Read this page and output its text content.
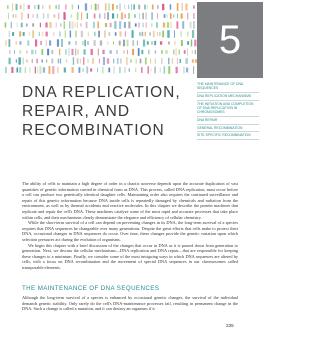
5
DNA REPLICATION,
REPAIR, AND
RECOMBINATION
THE MAINTENANCE OF DNA SEQUENCES
DNA REPLICATION MECHANISMS
THE INITIATION AND COMPLETION OF DNA REPLICATION IN CHROMOSOMES
DNA REPAIR
GENERAL RECOMBINATION
SITE-SPECIFIC RECOMBINATION

The ability of cells to maintain a high degree of order in a chaotic universe depends upon the accurate duplication of vast quantities of genetic information carried in chemical form as DNA. This process, called DNA replication, must occur before a cell can produce two genetically identical daughter cells. Maintaining order also requires the continued surveillance and repair of this genetic information because DNA inside cells is repeatedly damaged by chemicals and radiation from the environment, as well as by thermal accidents and reactive molecules. In this chapter we describe the protein machines that replicate and repair the cell's DNA. These machines catalyze some of the most rapid and accurate processes that take place within cells, and their mechanisms clearly demonstrate the elegance and efficiency of cellular chemistry.

While the short-term survival of a cell can depend on preventing changes in its DNA, the long-term survival of a species requires that DNA sequences be changeable over many generations. Despite the great efforts that cells make to protect their DNA, occasional changes in DNA sequences do occur. Over time, these changes provide the genetic variation upon which selection pressures act during the evolution of organisms.

We begin this chapter with a brief discussion of the changes that occur in DNA as it is passed down from generation to generation. Next, we discuss the cellular mechanisms—DNA replication and DNA repair—that are responsible for keeping these changes to a minimum. Finally, we consider some of the most intriguing ways in which DNA sequences are altered by cells, with a focus on DNA recombination and the movement of special DNA sequences in our chromosomes called transposable elements.

THE MAINTENANCE OF DNA SEQUENCES

Although the long-term survival of a species is enhanced by occasional genetic changes, the survival of the individual demands genetic stability. Only rarely do the cell's DNA-maintenance processes fail, resulting in permanent change in the DNA. Such a change is called a mutation, and it can destroy an organism if it

235
